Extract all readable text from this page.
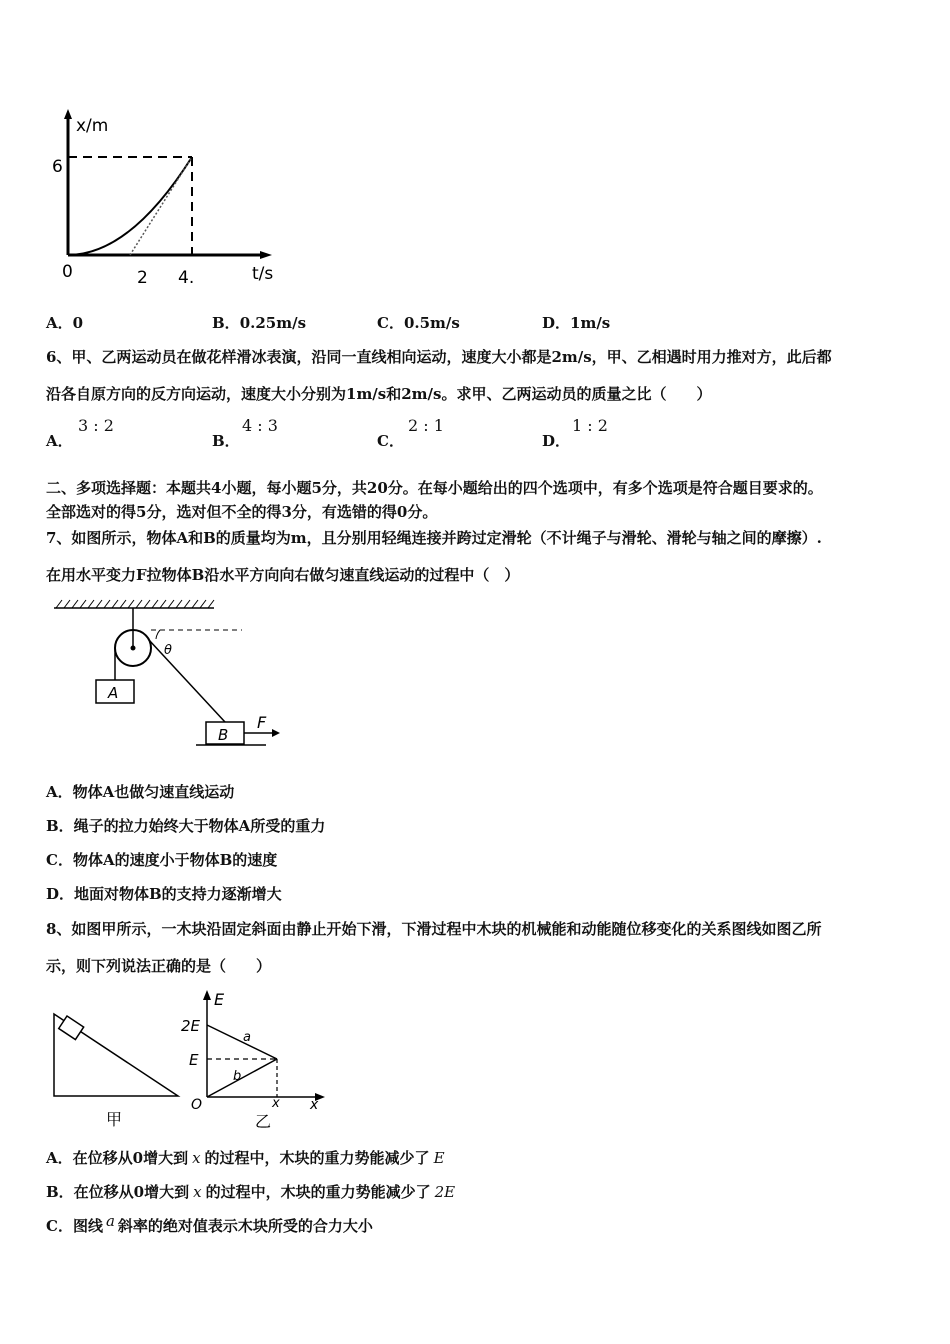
x/m
6
0	2 4.	t/s
A．0	B．0.25m/s	C．0.5m/s	D．1m/s
6、甲、乙两运动员在做花样滑冰表演，沿同一直线相向运动，速度大小都是2m/s，甲、乙相遇时用力推对方，此后都
沿各自原方向的反方向运动，速度大小分别为1m/s和2m/s。求甲、乙两运动员的质量之比（　　）
A．
3 : 2
B．
4 : 3
C．
2 : 1
D．
1 : 2
二、多项选择题：本题共4小题，每小题5分，共20分。在每小题给出的四个选项中，有多个选项是符合题目要求的。
全部选对的得5分，选对但不全的得3分，有选错的得0分。
7、如图所示，物体A和B的质量均为m，且分别用轻绳连接并跨过定滑轮（不计绳子与滑轮、滑轮与轴之间的摩擦）.
在用水平变力F拉物体B沿水平方向向右做匀速直线运动的过程中（　）
θ
A
B
F
A．物体A也做匀速直线运动
B．绳子的拉力始终大于物体A所受的重力
C．物体A的速度小于物体B的速度
D．地面对物体B的支持力逐渐增大
8、如图甲所示，一木块沿固定斜面由静止开始下滑，下滑过程中木块的机械能和动能随位移变化的关系图线如图乙所
示，则下列说法正确的是（　　）
甲
E
2E
E
O	x x
a
b
乙
A．在位移从0增大到 x 的过程中，木块的重力势能减少了 E
B．在位移从0增大到 x 的过程中，木块的重力势能减少了 2E
C．图线 a 斜率的绝对值表示木块所受的合力大小
